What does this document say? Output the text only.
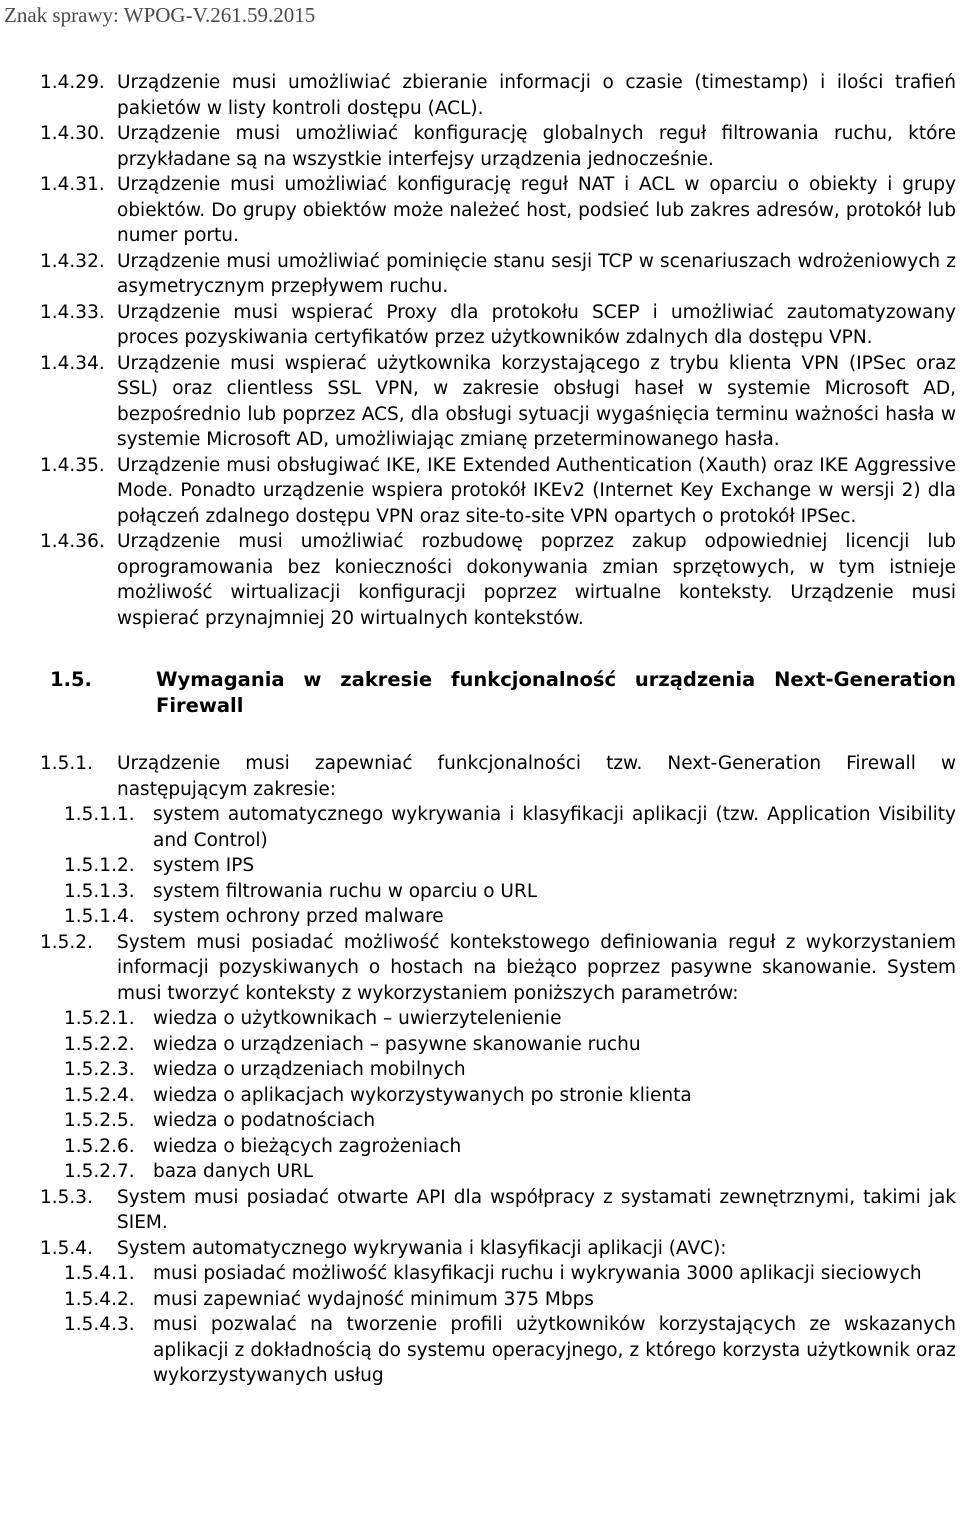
Znak sprawy: WPOG-V.261.59.2015
1.4.29. Urządzenie musi umożliwiać zbieranie informacji o czasie (timestamp) i ilości trafień pakietów w listy kontroli dostępu (ACL).
1.4.30. Urządzenie musi umożliwiać konfigurację globalnych reguł filtrowania ruchu, które przykładane są na wszystkie interfejsy urządzenia jednocześnie.
1.4.31. Urządzenie musi umożliwiać konfigurację reguł NAT i ACL w oparciu o obiekty i grupy obiektów. Do grupy obiektów może należeć host, podsieć lub zakres adresów, protokół lub numer portu.
1.4.32. Urządzenie musi umożliwiać pominięcie stanu sesji TCP w scenariuszach wdrożeniowych z asymetrycznym przepływem ruchu.
1.4.33. Urządzenie musi wspierać Proxy dla protokołu SCEP i umożliwiać zautomatyzowany proces pozyskiwania certyfikatów przez użytkowników zdalnych dla dostępu VPN.
1.4.34. Urządzenie musi wspierać użytkownika korzystającego z trybu klienta VPN (IPSec oraz SSL) oraz clientless SSL VPN, w zakresie obsługi haseł w systemie Microsoft AD, bezpośrednio lub poprzez ACS, dla obsługi sytuacji wygaśnięcia terminu ważności hasła w systemie Microsoft AD, umożliwiając zmianę przeterminowanego hasła.
1.4.35. Urządzenie musi obsługiwać IKE, IKE Extended Authentication (Xauth) oraz IKE Aggressive Mode. Ponadto urządzenie wspiera protokół IKEv2 (Internet Key Exchange w wersji 2) dla połączeń zdalnego dostępu VPN oraz site-to-site VPN opartych o protokół IPSec.
1.4.36. Urządzenie musi umożliwiać rozbudowę poprzez zakup odpowiedniej licencji lub oprogramowania bez konieczności dokonywania zmian sprzętowych, w tym istnieje możliwość wirtualizacji konfiguracji poprzez wirtualne konteksty. Urządzenie musi wspierać przynajmniej 20 wirtualnych kontekstów.
1.5.	Wymagania w zakresie funkcjonalność urządzenia Next-Generation Firewall
1.5.1.	Urządzenie musi zapewniać funkcjonalności tzw. Next-Generation Firewall w następującym zakresie:
1.5.1.1. system automatycznego wykrywania i klasyfikacji aplikacji (tzw. Application Visibility and Control)
1.5.1.2. system IPS
1.5.1.3. system filtrowania ruchu w oparciu o URL
1.5.1.4. system ochrony przed malware
1.5.2.	System musi posiadać możliwość kontekstowego definiowania reguł z wykorzystaniem informacji pozyskiwanych o hostach na bieżąco poprzez pasywne skanowanie. System musi tworzyć konteksty z wykorzystaniem poniższych parametrów:
1.5.2.1. wiedza o użytkownikach – uwierzytelenienie
1.5.2.2. wiedza o urządzeniach – pasywne skanowanie ruchu
1.5.2.3. wiedza o urządzeniach mobilnych
1.5.2.4. wiedza o aplikacjach wykorzystywanych po stronie klienta
1.5.2.5. wiedza o podatnościach
1.5.2.6. wiedza o bieżących zagrożeniach
1.5.2.7. baza danych URL
1.5.3.	System musi posiadać otwarte API dla współpracy z systamati zewnętrznymi, takimi jak SIEM.
1.5.4.	System automatycznego wykrywania i klasyfikacji aplikacji (AVC):
1.5.4.1. musi posiadać możliwość klasyfikacji ruchu i wykrywania 3000 aplikacji sieciowych
1.5.4.2. musi zapewniać wydajność minimum 375 Mbps
1.5.4.3. musi pozwalać na tworzenie profili użytkowników korzystających ze wskazanych aplikacji z dokładnością do systemu operacyjnego, z którego korzysta użytkownik oraz wykorzystywanych usług
